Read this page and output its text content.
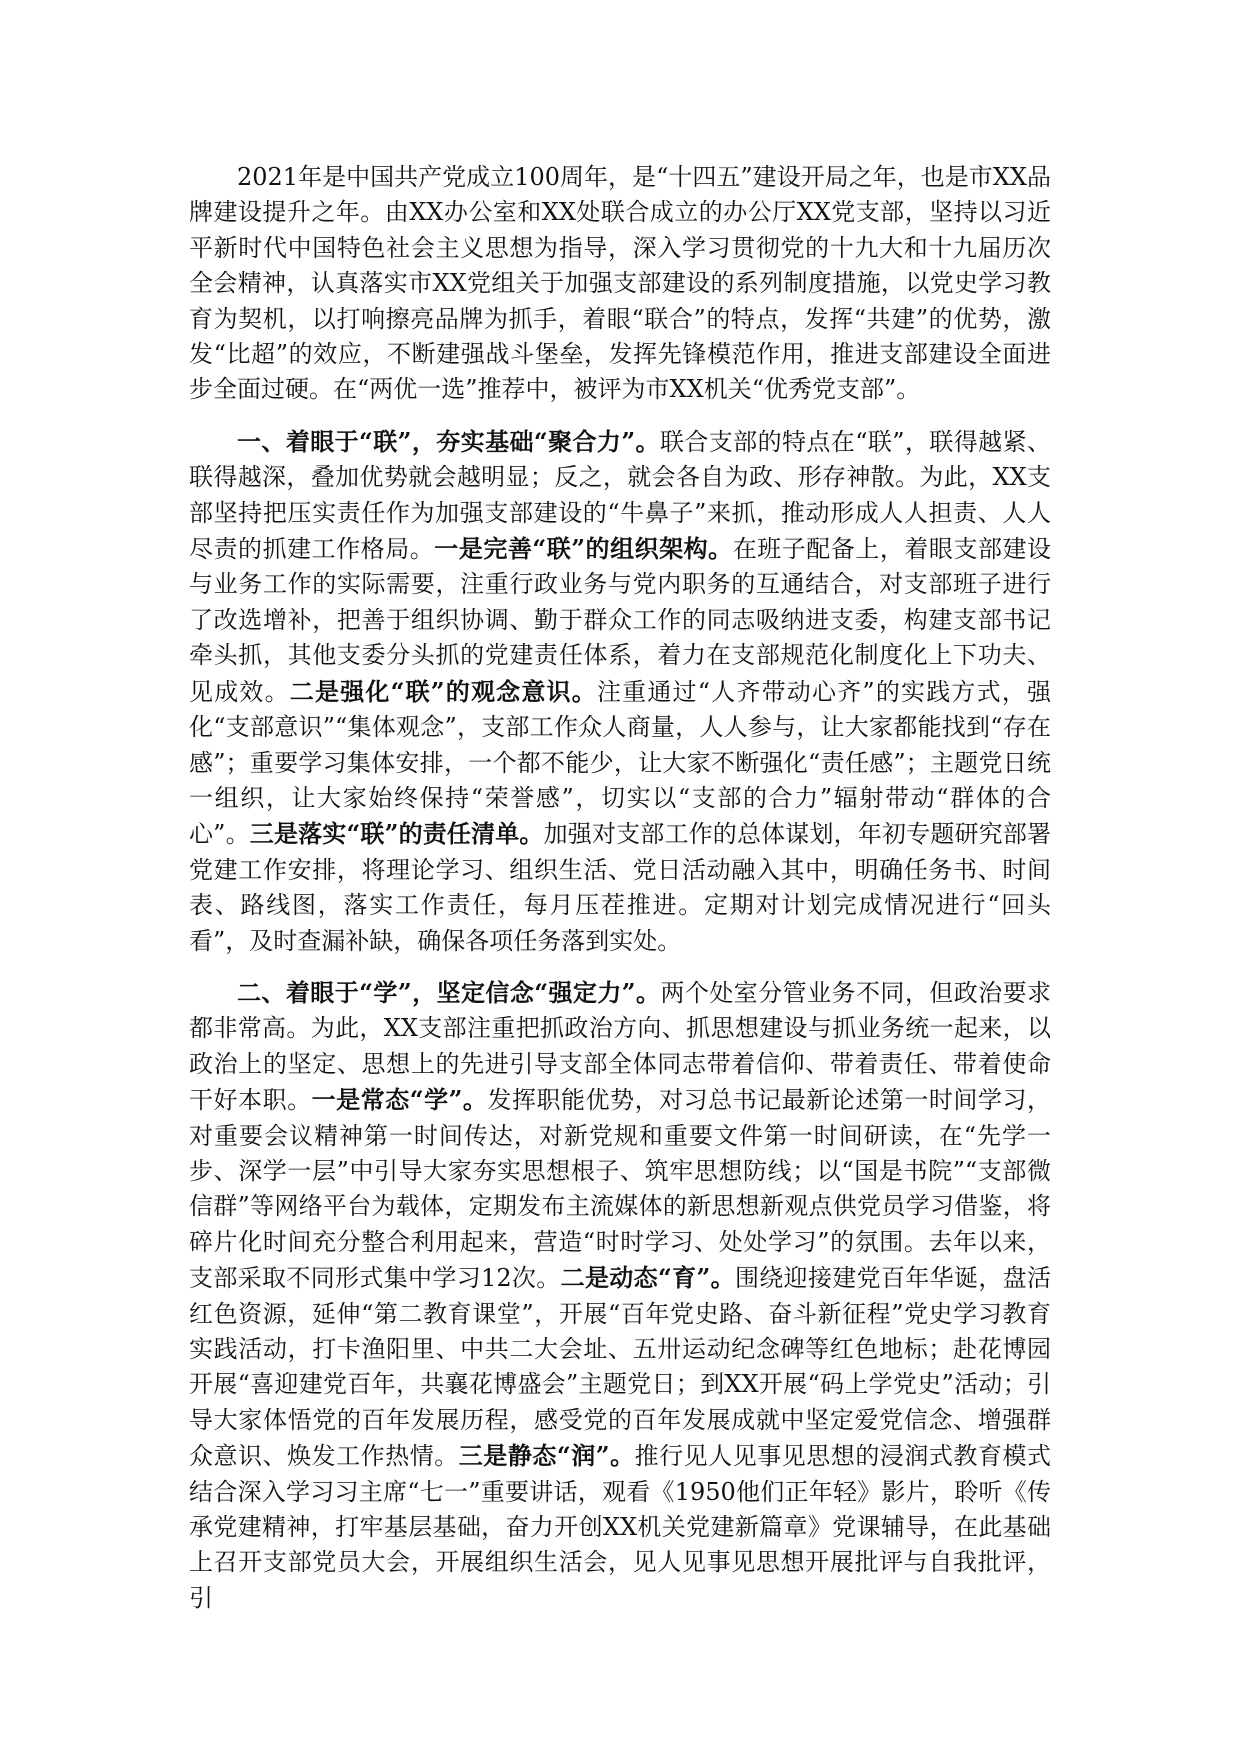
2021年是中国共产党成立100周年，是“十四五”建设开局之年，也是市XX品牌建设提升之年。由XX办公室和XX处联合成立的办公厅XX党支部，坚持以习近平新时代中国特色社会主义思想为指导，深入学习贯彻党的十九大和十九届历次全会精神，认真落实市XX党组关于加强支部建设的系列制度措施，以党史学习教育为契机，以打响擦亮品牌为抓手，着眼“联合”的特点，发挥“共建”的优势，激发“比超”的效应，不断建强战斗堡垒，发挥先锋模范作用，推进支部建设全面进步全面过硬。在“两优一选”推荐中，被评为市XX机关“优秀党支部”。

一、着眼于“联”，夯实基础“聚合力”。联合支部的特点在“联”，联得越紧、联得越深，叠加优势就会越明显；反之，就会各自为政、形存神散。为此，XX支部坚持把压实责任作为加强支部建设的“牛鼻子”来抓，推动形成人人担责、人人尽责的抓建工作格局。一是完善“联”的组织架构。在班子配备上，着眼支部建设与业务工作的实际需要，注重行政业务与党内职务的互通结合，对支部班子进行了改选增补，把善于组织协调、勤于群众工作的同志吸纳进支委，构建支部书记牵头抓，其他支委分头抓的党建责任体系，着力在支部规范化制度化上下功夫、见成效。二是强化“联”的观念意识。注重通过“人齐带动心齐”的实践方式，强化“支部意识”“集体观念”，支部工作众人商量，人人参与，让大家都能找到“存在感”；重要学习集体安排，一个都不能少，让大家不断强化“责任感”；主题党日统一组织，让大家始终保持“荣誉感”，切实以“支部的合力”辐射带动“群体的合心”。三是落实“联”的责任清单。加强对支部工作的总体谋划，年初专题研究部署党建工作安排，将理论学习、组织生活、党日活动融入其中，明确任务书、时间表、路线图，落实工作责任，每月压茬推进。定期对计划完成情况进行“回头看”，及时查漏补缺，确保各项任务落到实处。

二、着眼于“学”，坚定信念“强定力”。两个处室分管业务不同，但政治要求都非常高。为此，XX支部注重把抓政治方向、抓思想建设与抓业务统一起来，以政治上的坚定、思想上的先进引导支部全体同志带着信仰、带着责任、带着使命干好本职。一是常态“学”。发挥职能优势，对习总书记最新论述第一时间学习，对重要会议精神第一时间传达，对新党规和重要文件第一时间研读，在“先学一步、深学一层”中引导大家夯实思想根子、筑牢思想防线；以“国是书院”“支部微信群”等网络平台为载体，定期发布主流媒体的新思想新观点供党员学习借鉴，将碎片化时间充分整合利用起来，营造“时时学习、处处学习”的氛围。去年以来，支部采取不同形式集中学习12次。二是动态“育”。围绕迎接建党百年华诞，盘活红色资源，延伸“第二教育课堂”，开展“百年党史路、奋斗新征程”党史学习教育实践活动，打卡渔阳里、中共二大会址、五卅运动纪念碑等红色地标；赴花博园开展“喜迎建党百年，共襄花博盛会”主题党日；到XX开展“码上学党史”活动；引导大家体悟党的百年发展历程，感受党的百年发展成就中坚定爱党信念、增强群众意识、焕发工作热情。三是静态“润”。推行见人见事见思想的浸润式教育模式结合深入学习习主席“七一”重要讲话，观看《1950他们正年轻》影片，聆听《传承党建精神，打牢基层基础，奋力开创XX机关党建新篇章》党课辅导，在此基础上召开支部党员大会，开展组织生活会，见人见事见思想开展批评与自我批评，引
